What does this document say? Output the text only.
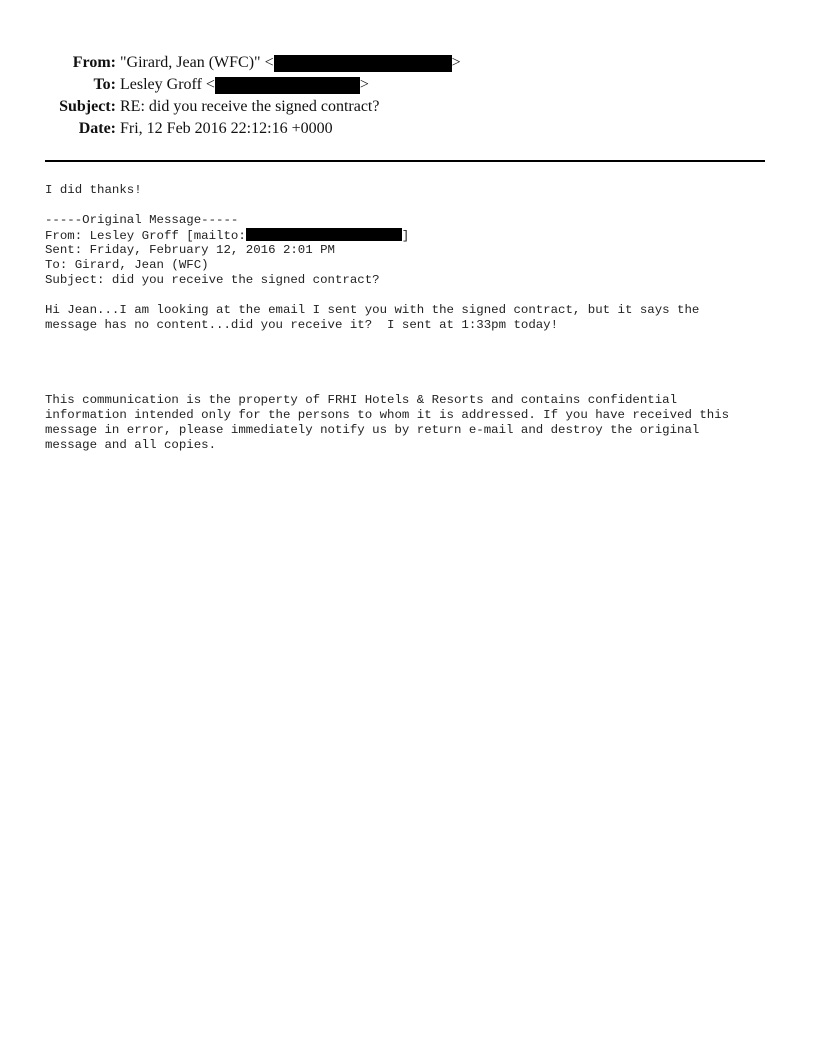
From: "Girard, Jean (WFC)" <	>
To: Lesley Groff <	>
Subject: RE: did you receive the signed contract?
Date: Fri, 12 Feb 2016 22:12:16 +0000
I did thanks!
-----Original Message-----
From: Lesley Groff [mailto:	]
Sent: Friday, February 12, 2016 2:01 PM
To: Girard, Jean (WFC)
Subject: did you receive the signed contract?
Hi Jean...I am looking at the email I sent you with the signed contract, but it says the
message has no content...did you receive it?  I sent at 1:33pm today!
This communication is the property of FRHI Hotels & Resorts and contains confidential
information intended only for the persons to whom it is addressed. If you have received this
message in error, please immediately notify us by return e-mail and destroy the original
message and all copies.
